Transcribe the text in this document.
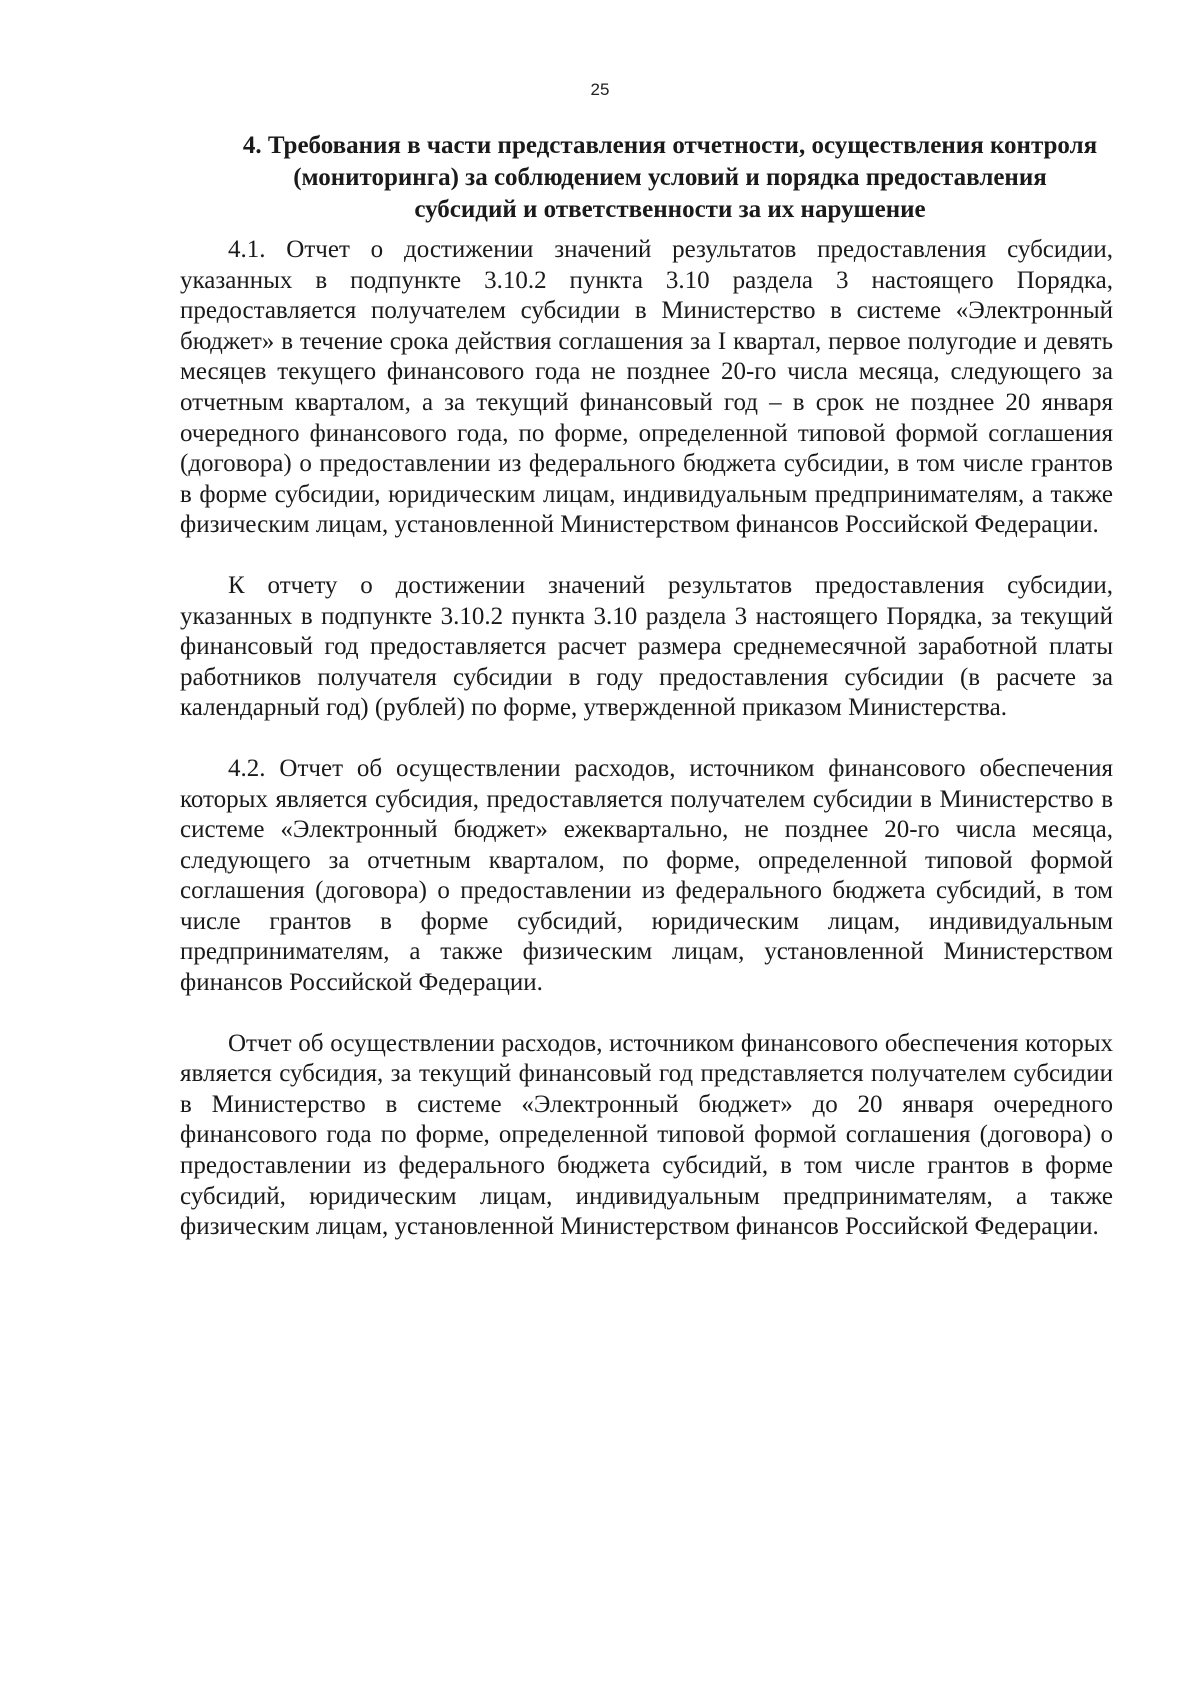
25
4. Требования в части представления отчетности, осуществления контроля (мониторинга) за соблюдением условий и порядка предоставления субсидий и ответственности за их нарушение

4.1. Отчет о достижении значений результатов предоставления субсидии, указанных в подпункте 3.10.2 пункта 3.10 раздела 3 настоящего Порядка, предоставляется получателем субсидии в Министерство в системе «Электронный бюджет» в течение срока действия соглашения за I квартал, первое полугодие и девять месяцев текущего финансового года не позднее 20-го числа месяца, следующего за отчетным кварталом, а за текущий финансовый год – в срок не позднее 20 января очередного финансового года, по форме, определенной типовой формой соглашения (договора) о предоставлении из федерального бюджета субсидии, в том числе грантов в форме субсидии, юридическим лицам, индивидуальным предпринимателям, а также физическим лицам, установленной Министерством финансов Российской Федерации.

К отчету о достижении значений результатов предоставления субсидии, указанных в подпункте 3.10.2 пункта 3.10 раздела 3 настоящего Порядка, за текущий финансовый год предоставляется расчет размера среднемесячной заработной платы работников получателя субсидии в году предоставления субсидии (в расчете за календарный год) (рублей) по форме, утвержденной приказом Министерства.

4.2. Отчет об осуществлении расходов, источником финансового обеспечения которых является субсидия, предоставляется получателем субсидии в Министерство в системе «Электронный бюджет» ежеквартально, не позднее 20-го числа месяца, следующего за отчетным кварталом, по форме, определенной типовой формой соглашения (договора) о предоставлении из федерального бюджета субсидий, в том числе грантов в форме субсидий, юридическим лицам, индивидуальным предпринимателям, а также физическим лицам, установленной Министерством финансов Российской Федерации.

Отчет об осуществлении расходов, источником финансового обеспечения которых является субсидия, за текущий финансовый год представляется получателем субсидии в Министерство в системе «Электронный бюджет» до 20 января очередного финансового года по форме, определенной типовой формой соглашения (договора) о предоставлении из федерального бюджета субсидий, в том числе грантов в форме субсидий, юридическим лицам, индивидуальным предпринимателям, а также физическим лицам, установленной Министерством финансов Российской Федерации.
